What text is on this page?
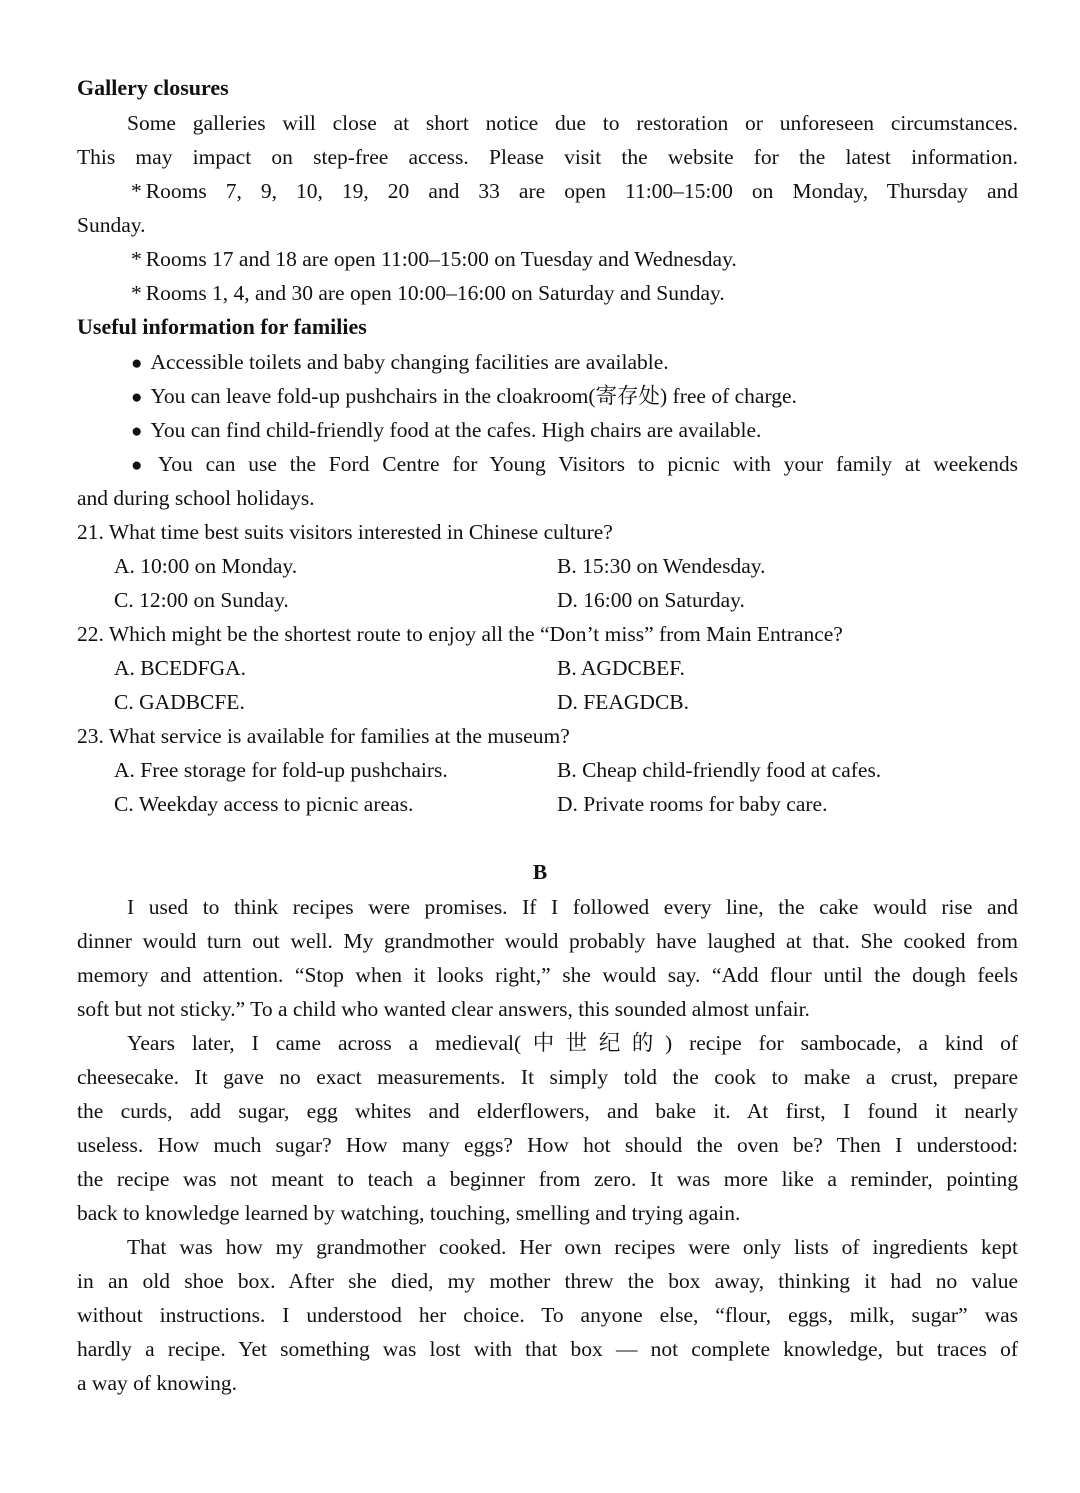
Gallery closures
Some galleries will close at short notice due to restoration or unforeseen circumstances.
This may impact on step-free access. Please visit the website for the latest information.
* Rooms 7, 9, 10, 19, 20 and 33 are open 11:00–15:00 on Monday, Thursday and
Sunday.
* Rooms 17 and 18 are open 11:00–15:00 on Tuesday and Wednesday.
* Rooms 1, 4, and 30 are open 10:00–16:00 on Saturday and Sunday.
Useful information for families
● Accessible toilets and baby changing facilities are available.
● You can leave fold-up pushchairs in the cloakroom(寄存处) free of charge.
● You can find child-friendly food at the cafes. High chairs are available.
● You can use the Ford Centre for Young Visitors to picnic with your family at weekends
and during school holidays.
21. What time best suits visitors interested in Chinese culture?
A. 10:00 on Monday.	B. 15:30 on Wendesday.
C. 12:00 on Sunday.	D. 16:00 on Saturday.
22. Which might be the shortest route to enjoy all the “Don’t miss” from Main Entrance?
A. BCEDFGA.	B. AGDCBEF.
C. GADBCFE.	D. FEAGDCB.
23. What service is available for families at the museum?
A. Free storage for fold-up pushchairs.	B. Cheap child-friendly food at cafes.
C. Weekday access to picnic areas.	D. Private rooms for baby care.
B
I used to think recipes were promises. If I followed every line, the cake would rise and
dinner would turn out well. My grandmother would probably have laughed at that. She cooked from
memory and attention. “Stop when it looks right,” she would say. “Add flour until the dough feels
soft but not sticky.” To a child who wanted clear answers, this sounded almost unfair.
Years later, I came across a medieval(中世纪的) recipe for sambocade, a kind of
cheesecake. It gave no exact measurements. It simply told the cook to make a crust, prepare
the curds, add sugar, egg whites and elderflowers, and bake it. At first, I found it nearly
useless. How much sugar? How many eggs? How hot should the oven be? Then I understood:
the recipe was not meant to teach a beginner from zero. It was more like a reminder, pointing
back to knowledge learned by watching, touching, smelling and trying again.
That was how my grandmother cooked. Her own recipes were only lists of ingredients kept
in an old shoe box. After she died, my mother threw the box away, thinking it had no value
without instructions. I understood her choice. To anyone else, “flour, eggs, milk, sugar” was
hardly a recipe. Yet something was lost with that box — not complete knowledge, but traces of
a way of knowing.
